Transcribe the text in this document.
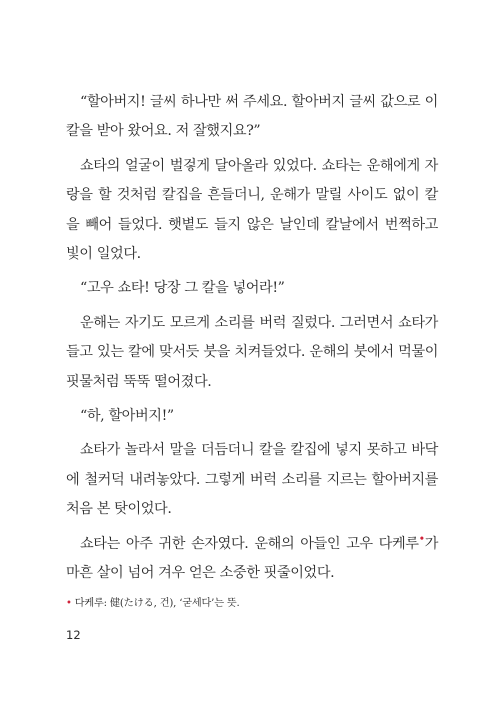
“할아버지! 글씨 하나만 써 주세요. 할아버지 글씨 값으로 이 칼을 받아 왔어요. 저 잘했지요?”

쇼타의 얼굴이 벌겋게 달아올라 있었다. 쇼타는 운해에게 자랑을 할 것처럼 칼집을 흔들더니, 운해가 말릴 사이도 없이 칼을 빼어 들었다. 햇볕도 들지 않은 날인데 칼날에서 번쩍하고 빛이 일었다.

“고우 쇼타! 당장 그 칼을 넣어라!”

운해는 자기도 모르게 소리를 버럭 질렀다. 그러면서 쇼타가 들고 있는 칼에 맞서듯 붓을 치켜들었다. 운해의 붓에서 먹물이 핏물처럼 뚝뚝 떨어졌다.

“하, 할아버지!”

쇼타가 놀라서 말을 더듬더니 칼을 칼집에 넣지 못하고 바닥에 철커덕 내려놓았다. 그렇게 버럭 소리를 지르는 할아버지를 처음 본 탓이었다.

쇼타는 아주 귀한 손자였다. 운해의 아들인 고우 다케루•가 마흔 살이 넘어 겨우 얻은 소중한 핏줄이었다.

• 다케루: 健(たける, 건), ‘굳세다’는 뜻.
12
